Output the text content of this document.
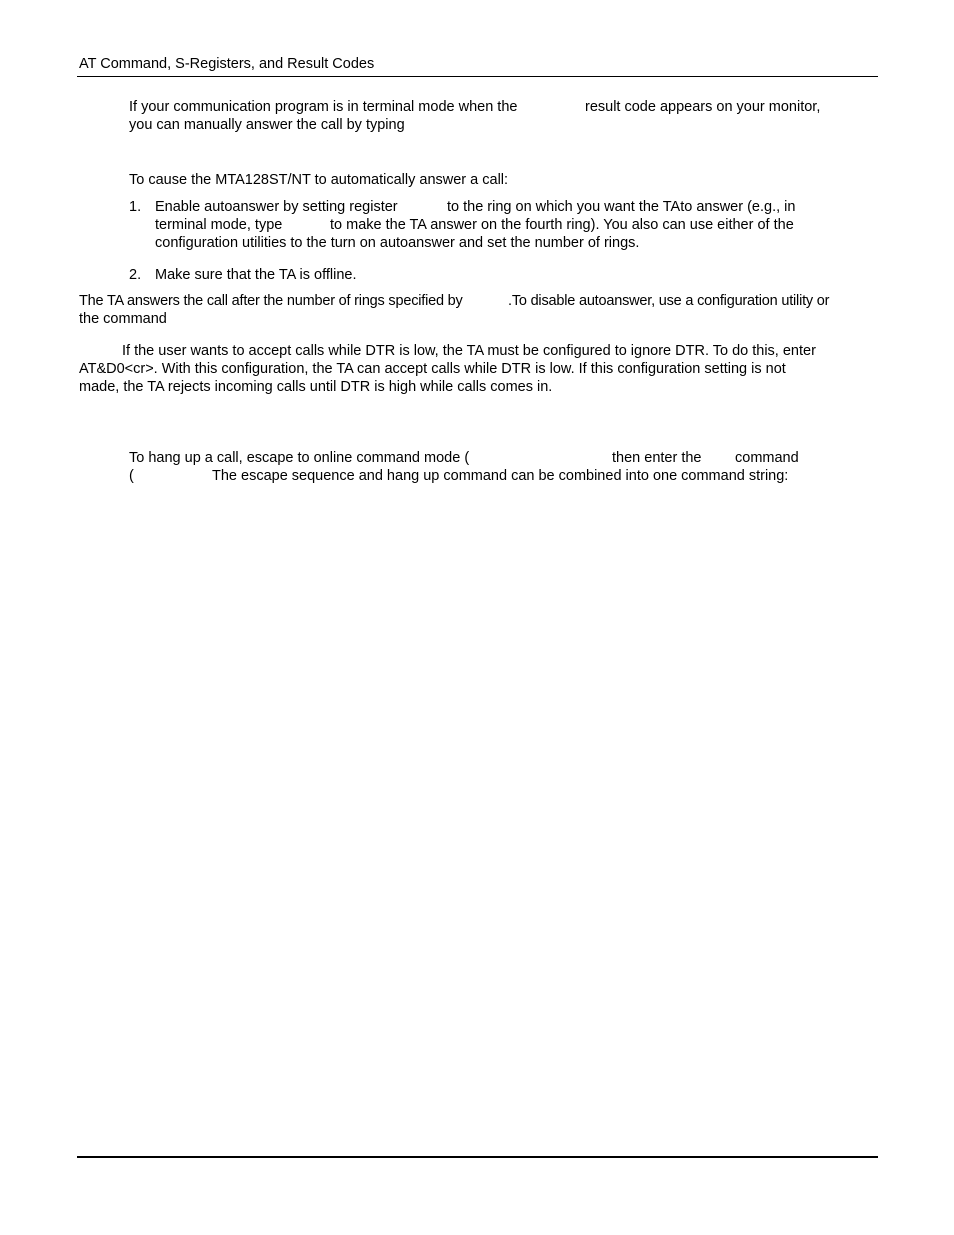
AT Command, S-Registers, and Result Codes
If your communication program is in terminal mode when the	result code appears on your monitor,
you can manually answer the call by typing
To cause the MTA128ST/NT to automatically answer a call:
1. Enable autoanswer by setting register	to the ring on which you want the TAto answer (e.g., in
terminal mode, type	to make the TA answer on the fourth ring). You also can use either of the
configuration utilities to the turn on autoanswer and set the number of rings.
2. Make sure that the TA is offline.
The TA answers the call after the number of rings specified by	.To disable autoanswer, use a configuration utility or
the command
If the user wants to accept calls while DTR is low, the TA must be configured to ignore DTR. To do this, enter
AT&D0<cr>. With this configuration, the TA can accept calls while DTR is low. If this configuration setting is not
made, the TA rejects incoming calls until DTR is high while calls comes in.
To hang up a call, escape to online command mode (	then enter the command
(	The escape sequence and hang up command can be combined into one command string:
